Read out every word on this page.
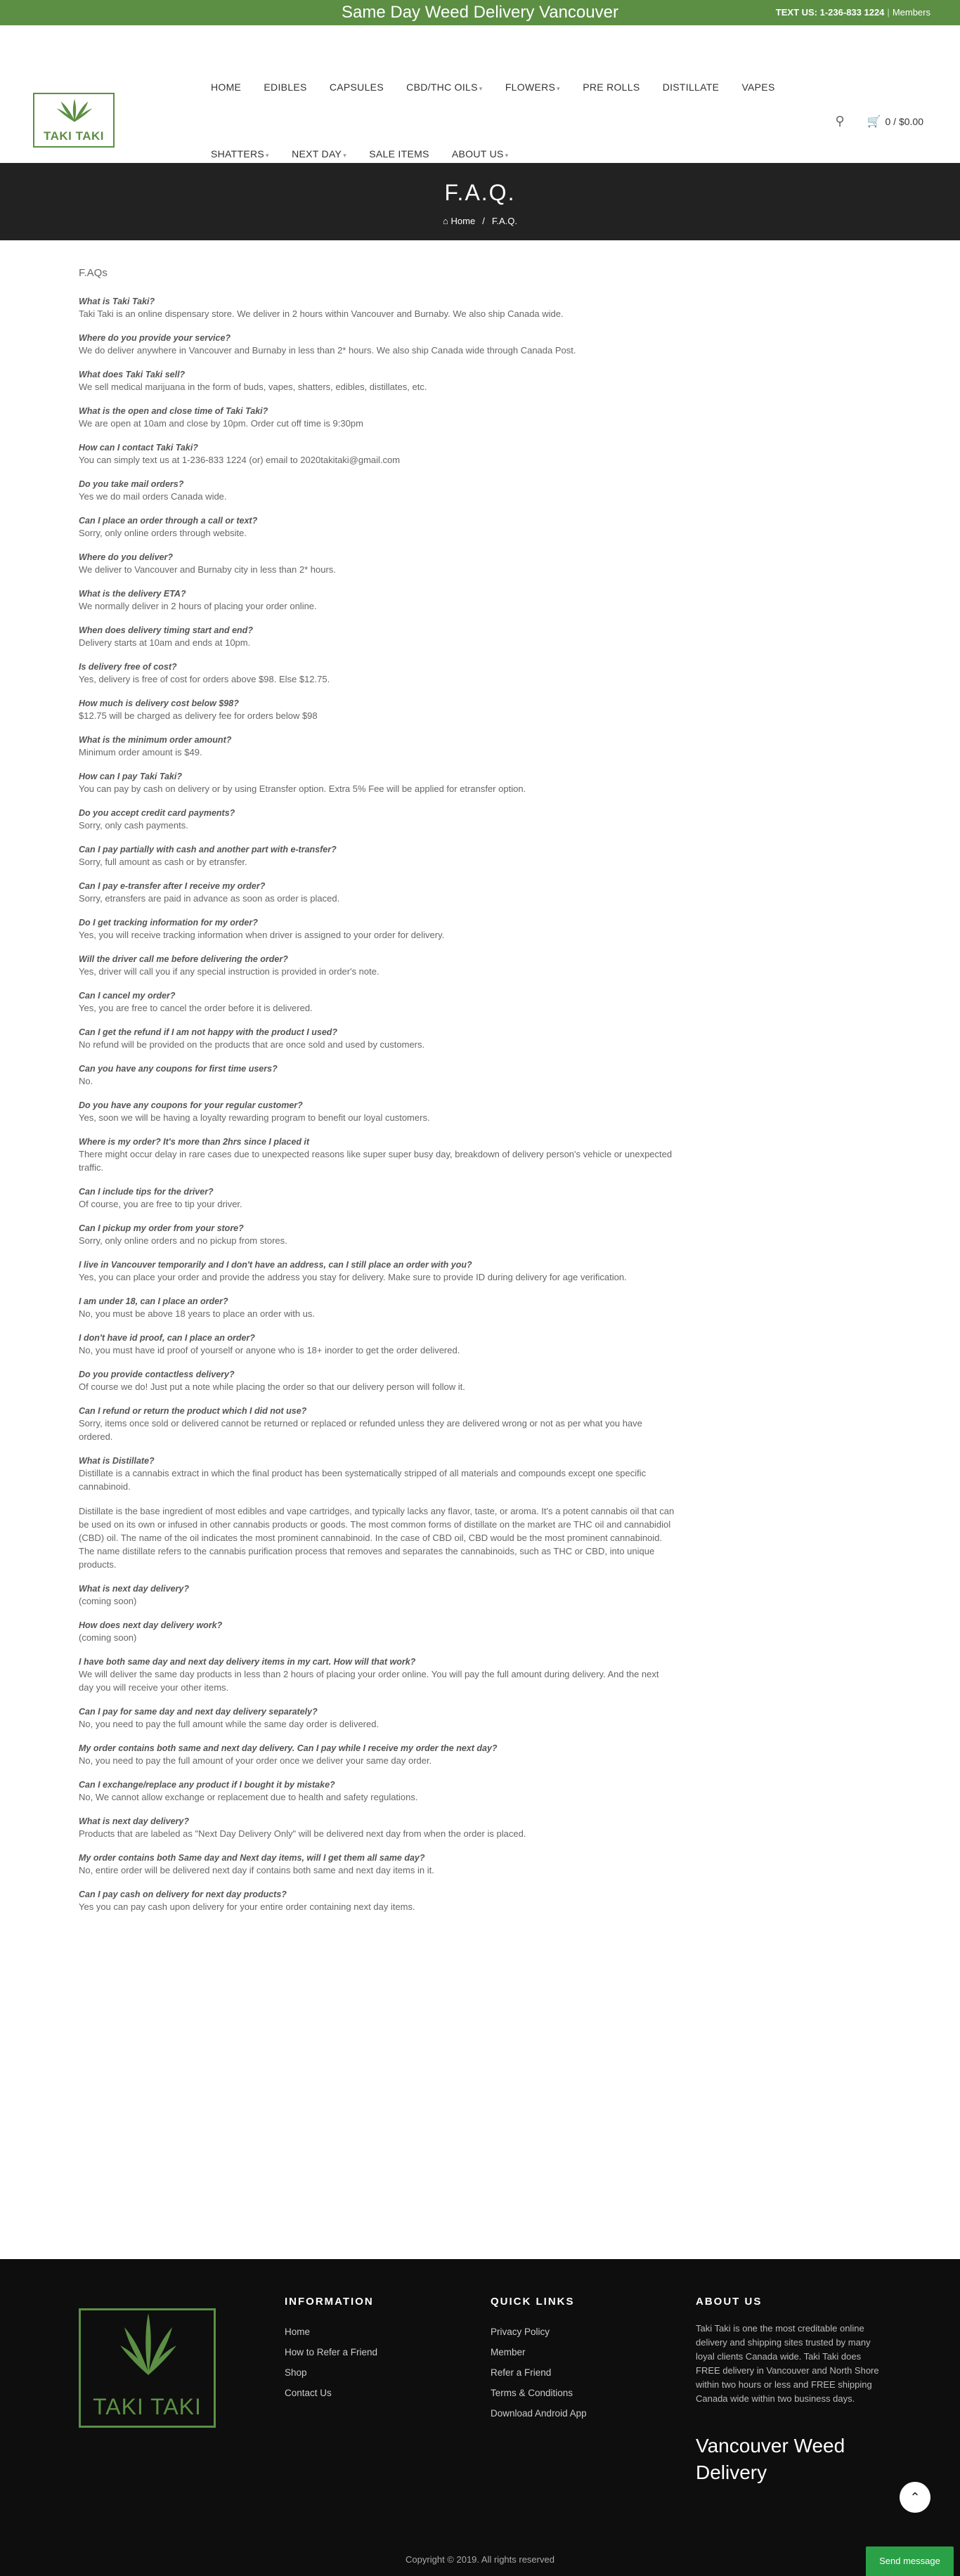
Same Day Weed Delivery Vancouver	TEXT US: 1-236-833 1224 | Members
TAKI TAKI
HOME EDIBLES CAPSULES CBD/THC OILS ▾ FLOWERS ▾ PRE ROLLS DISTILLATE VAPES
SHATTERS ▾ NEXT DAY ▾ SALE ITEMS ABOUT US ▾
⚲ 🛒 0 / $0.00
F.A.Q.
⌂ Home / F.A.Q.
F.AQs
What is Taki Taki?
Taki Taki is an online dispensary store. We deliver in 2 hours within Vancouver and Burnaby. We also ship Canada wide.
Where do you provide your service?
We do deliver anywhere in Vancouver and Burnaby in less than 2* hours. We also ship Canada wide through Canada Post.
What does Taki Taki sell?
We sell medical marijuana in the form of buds, vapes, shatters, edibles, distillates, etc.
What is the open and close time of Taki Taki?
We are open at 10am and close by 10pm. Order cut off time is 9:30pm
How can I contact Taki Taki?
You can simply text us at 1-236-833 1224 (or) email to 2020takitaki@gmail.com
Do you take mail orders?
Yes we do mail orders Canada wide.
Can I place an order through a call or text?
Sorry, only online orders through website.
Where do you deliver?
We deliver to Vancouver and Burnaby city in less than 2* hours.
What is the delivery ETA?
We normally deliver in 2 hours of placing your order online.
When does delivery timing start and end?
Delivery starts at 10am and ends at 10pm.
Is delivery free of cost?
Yes, delivery is free of cost for orders above $98. Else $12.75.
How much is delivery cost below $98?
$12.75 will be charged as delivery fee for orders below $98
What is the minimum order amount?
Minimum order amount is $49.
How can I pay Taki Taki?
You can pay by cash on delivery or by using Etransfer option. Extra 5% Fee will be applied for etransfer option.
Do you accept credit card payments?
Sorry, only cash payments.
Can I pay partially with cash and another part with e-transfer?
Sorry, full amount as cash or by etransfer.
Can I pay e-transfer after I receive my order?
Sorry, etransfers are paid in advance as soon as order is placed.
Do I get tracking information for my order?
Yes, you will receive tracking information when driver is assigned to your order for delivery.
Will the driver call me before delivering the order?
Yes, driver will call you if any special instruction is provided in order's note.
Can I cancel my order?
Yes, you are free to cancel the order before it is delivered.
Can I get the refund if I am not happy with the product I used?
No refund will be provided on the products that are once sold and used by customers.
Can you have any coupons for first time users?
No.
Do you have any coupons for your regular customer?
Yes, soon we will be having a loyalty rewarding program to benefit our loyal customers.
Where is my order? It's more than 2hrs since I placed it
There might occur delay in rare cases due to unexpected reasons like super super busy day, breakdown of delivery person's vehicle or unexpected traffic.
Can I include tips for the driver?
Of course, you are free to tip your driver.
Can I pickup my order from your store?
Sorry, only online orders and no pickup from stores.
I live in Vancouver temporarily and I don't have an address, can I still place an order with you?
Yes, you can place your order and provide the address you stay for delivery. Make sure to provide ID during delivery for age verification.
I am under 18, can I place an order?
No, you must be above 18 years to place an order with us.
I don't have id proof, can I place an order?
No, you must have id proof of yourself or anyone who is 18+ inorder to get the order delivered.
Do you provide contactless delivery?
Of course we do! Just put a note while placing the order so that our delivery person will follow it.
Can I refund or return the product which I did not use?
Sorry, items once sold or delivered cannot be returned or replaced or refunded unless they are delivered wrong or not as per what you have ordered.
What is Distillate?
Distillate is a cannabis extract in which the final product has been systematically stripped of all materials and compounds except one specific cannabinoid.
Distillate is the base ingredient of most edibles and vape cartridges, and typically lacks any flavor, taste, or aroma. It's a potent cannabis oil that can be used on its own or infused in other cannabis products or goods. The most common forms of distillate on the market are THC oil and cannabidiol (CBD) oil. The name of the oil indicates the most prominent cannabinoid. In the case of CBD oil, CBD would be the most prominent cannabinoid. The name distillate refers to the cannabis purification process that removes and separates the cannabinoids, such as THC or CBD, into unique products.
What is next day delivery?
(coming soon)
How does next day delivery work?
(coming soon)
I have both same day and next day delivery items in my cart. How will that work?
We will deliver the same day products in less than 2 hours of placing your order online. You will pay the full amount during delivery. And the next day you will receive your other items.
Can I pay for same day and next day delivery separately?
No, you need to pay the full amount while the same day order is delivered.
My order contains both same and next day delivery. Can I pay while I receive my order the next day?
No, you need to pay the full amount of your order once we deliver your same day order.
Can I exchange/replace any product if I bought it by mistake?
No, We cannot allow exchange or replacement due to health and safety regulations.
What is next day delivery?
Products that are labeled as "Next Day Delivery Only" will be delivered next day from when the order is placed.
My order contains both Same day and Next day items, will I get them all same day?
No, entire order will be delivered next day if contains both same and next day items in it.
Can I pay cash on delivery for next day products?
Yes you can pay cash upon delivery for your entire order containing next day items.
TAKI TAKI
INFORMATION
Home
How to Refer a Friend
Shop
Contact Us
QUICK LINKS
Privacy Policy
Member
Refer a Friend
Terms & Conditions
Download Android App
ABOUT US
Taki Taki is one the most creditable online delivery and shipping sites trusted by many loyal clients Canada wide. Taki Taki does FREE delivery in Vancouver and North Shore within two hours or less and FREE shipping Canada wide within two business days.
Vancouver Weed Delivery
Copyright © 2019. All rights reserved
⌃
Send message
